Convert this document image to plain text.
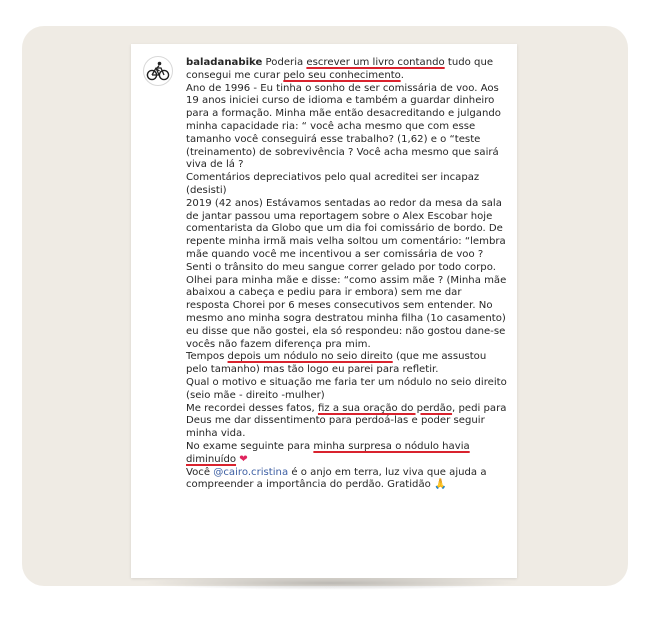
baladanabike Poderia escrever um livro contando tudo que consegui me curar pelo seu conhecimento.

Ano de 1996 - Eu tinha o sonho de ser comissária de voo. Aos 19 anos iniciei curso de idioma e também a guardar dinheiro para a formação. Minha mãe então desacreditando e julgando minha capacidade ria: “ você acha mesmo que com esse tamanho você conseguirá esse trabalho? (1,62) e o “teste (treinamento) de sobrevivência ? Você acha mesmo que sairá viva de lá ?

Comentários depreciativos pelo qual acreditei ser incapaz (desisti)

2019 (42 anos) Estávamos sentadas ao redor da mesa da sala de jantar passou uma reportagem sobre o Alex Escobar hoje comentarista da Globo que um dia foi comissário de bordo. De repente minha irmã mais velha soltou um comentário: “lembra mãe quando você me incentivou a ser comissária de voo ?

Senti o trânsito do meu sangue correr gelado por todo corpo. Olhei para minha mãe e disse: “como assim mãe ? (Minha mãe abaixou a cabeça e pediu para ir embora) sem me dar resposta Chorei por 6 meses consecutivos sem entender. No mesmo ano minha sogra destratou minha filha (1o casamento) eu disse que não gostei, ela só respondeu: não gostou dane-se vocês não fazem diferença pra mim.

Tempos depois um nódulo no seio direito (que me assustou pelo tamanho) mas tão logo eu parei para refletir.

Qual o motivo e situação me faria ter um nódulo no seio direito (seio mãe - direito -mulher)

Me recordei desses fatos, fiz a sua oração do perdão, pedi para Deus me dar dissentimento para perdoá-las e poder seguir minha vida.

No exame seguinte para minha surpresa o nódulo havia diminuído ❤

Você @cairo.cristina é o anjo em terra, luz viva que ajuda a compreender a importância do perdão. Gratidão 🙏
